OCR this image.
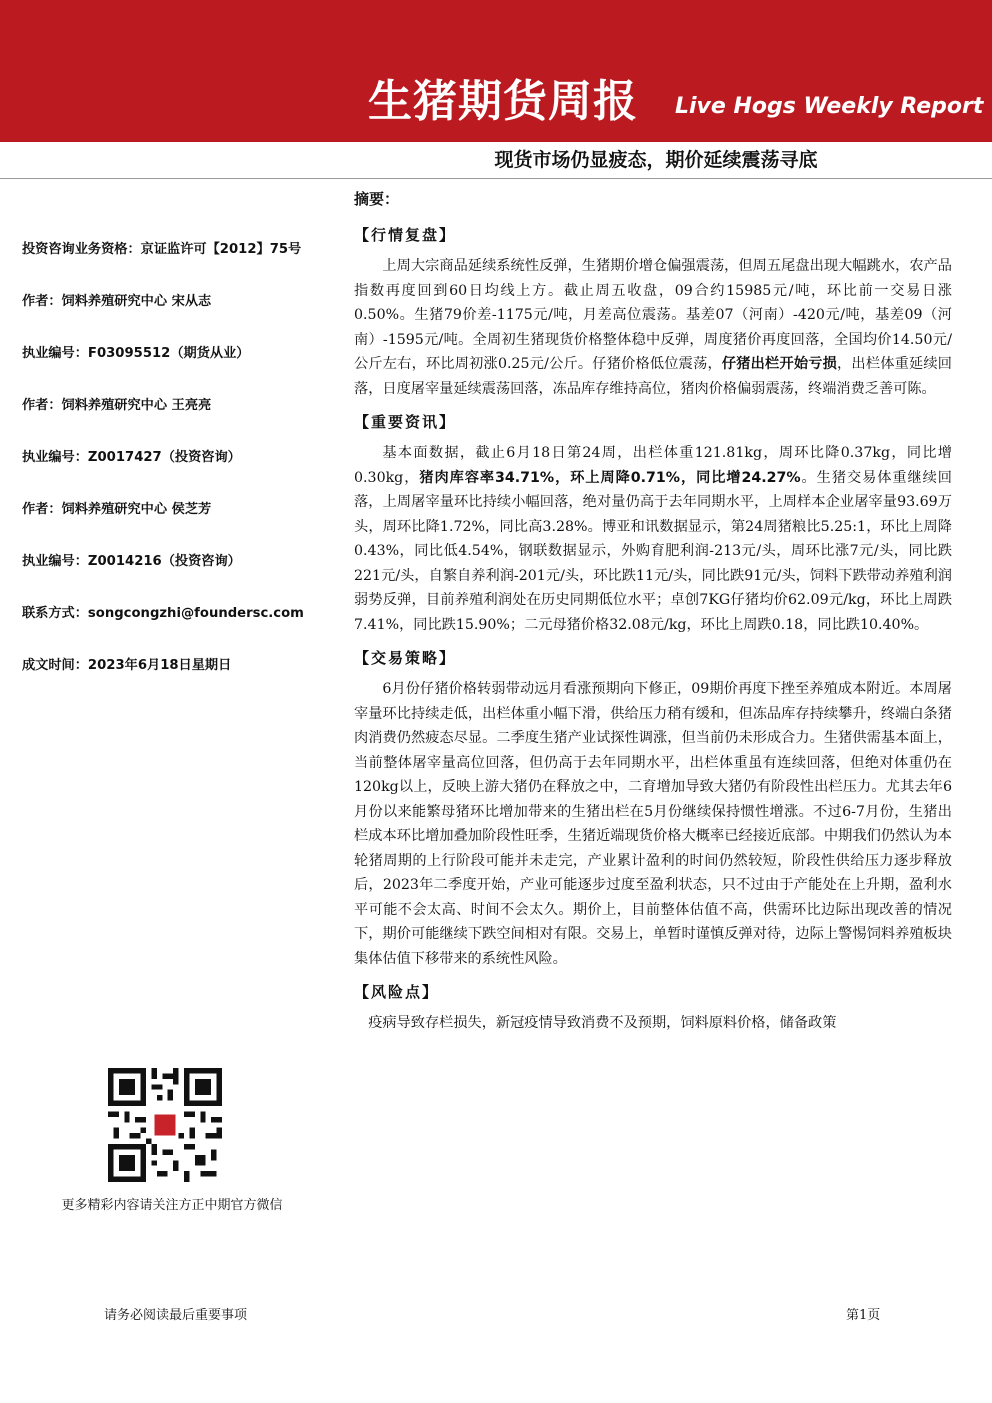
生猪期货周报 Live Hogs Weekly Report
现货市场仍显疲态，期价延续震荡寻底
投资咨询业务资格：京证监许可【2012】75号
作者：饲料养殖研究中心 宋从志
执业编号：F03095512（期货从业）
作者：饲料养殖研究中心 王亮亮
执业编号：Z0017427（投资咨询）
作者：饲料养殖研究中心 侯芝芳
执业编号：Z0014216（投资咨询）
联系方式：songcongzhi@foundersc.com
成文时间：2023年6月18日星期日
更多精彩内容请关注方正中期官方微信
摘要：
【行情复盘】

上周大宗商品延续系统性反弹，生猪期价增仓偏强震荡，但周五尾盘出现大幅跳水，农产品指数再度回到60日均线上方。截止周五收盘，09合约15985元/吨，环比前一交易日涨0.50%。生猪79价差-1175元/吨，月差高位震荡。基差07（河南）-420元/吨，基差09（河南）-1595元/吨。全周初生猪现货价格整体稳中反弹，周度猪价再度回落，全国均价14.50元/公斤左右，环比周初涨0.25元/公斤。仔猪价格低位震荡，仔猪出栏开始亏损，出栏体重延续回落，日度屠宰量延续震荡回落，冻品库存维持高位，猪肉价格偏弱震荡，终端消费乏善可陈。

【重要资讯】

基本面数据，截止6月18日第24周，出栏体重121.81kg，周环比降0.37kg，同比增0.30kg，猪肉库容率34.71%，环上周降0.71%，同比增24.27%。生猪交易体重继续回落，上周屠宰量环比持续小幅回落，绝对量仍高于去年同期水平，上周样本企业屠宰量93.69万头，周环比降1.72%，同比高3.28%。博亚和讯数据显示，第24周猪粮比5.25:1，环比上周降0.43%，同比低4.54%，钢联数据显示，外购育肥利润-213元/头，周环比涨7元/头，同比跌221元/头，自繁自养利润-201元/头，环比跌11元/头，同比跌91元/头，饲料下跌带动养殖利润弱势反弹，目前养殖利润处在历史同期低位水平；卓创7KG仔猪均价62.09元/kg，环比上周跌7.41%，同比跌15.90%；二元母猪价格32.08元/kg，环比上周跌0.18，同比跌10.40%。

【交易策略】

6月份仔猪价格转弱带动远月看涨预期向下修正，09期价再度下挫至养殖成本附近。本周屠宰量环比持续走低，出栏体重小幅下滑，供给压力稍有缓和，但冻品库存持续攀升，终端白条猪肉消费仍然疲态尽显。二季度生猪产业试探性调涨，但当前仍未形成合力。生猪供需基本面上，当前整体屠宰量高位回落，但仍高于去年同期水平，出栏体重虽有连续回落，但绝对体重仍在120kg以上，反映上游大猪仍在释放之中，二育增加导致大猪仍有阶段性出栏压力。尤其去年6月份以来能繁母猪环比增加带来的生猪出栏在5月份继续保持惯性增涨。不过6-7月份，生猪出栏成本环比增加叠加阶段性旺季，生猪近端现货价格大概率已经接近底部。中期我们仍然认为本轮猪周期的上行阶段可能并未走完，产业累计盈利的时间仍然较短，阶段性供给压力逐步释放后，2023年二季度开始，产业可能逐步过度至盈利状态，只不过由于产能处在上升期，盈利水平可能不会太高、时间不会太久。期价上，目前整体估值不高，供需环比边际出现改善的情况下，期价可能继续下跌空间相对有限。交易上，单暂时谨慎反弹对待，边际上警惕饲料养殖板块集体估值下移带来的系统性风险。

【风险点】

疫病导致存栏损失，新冠疫情导致消费不及预期，饲料原料价格，储备政策

请务必阅读最后重要事项	第1页
